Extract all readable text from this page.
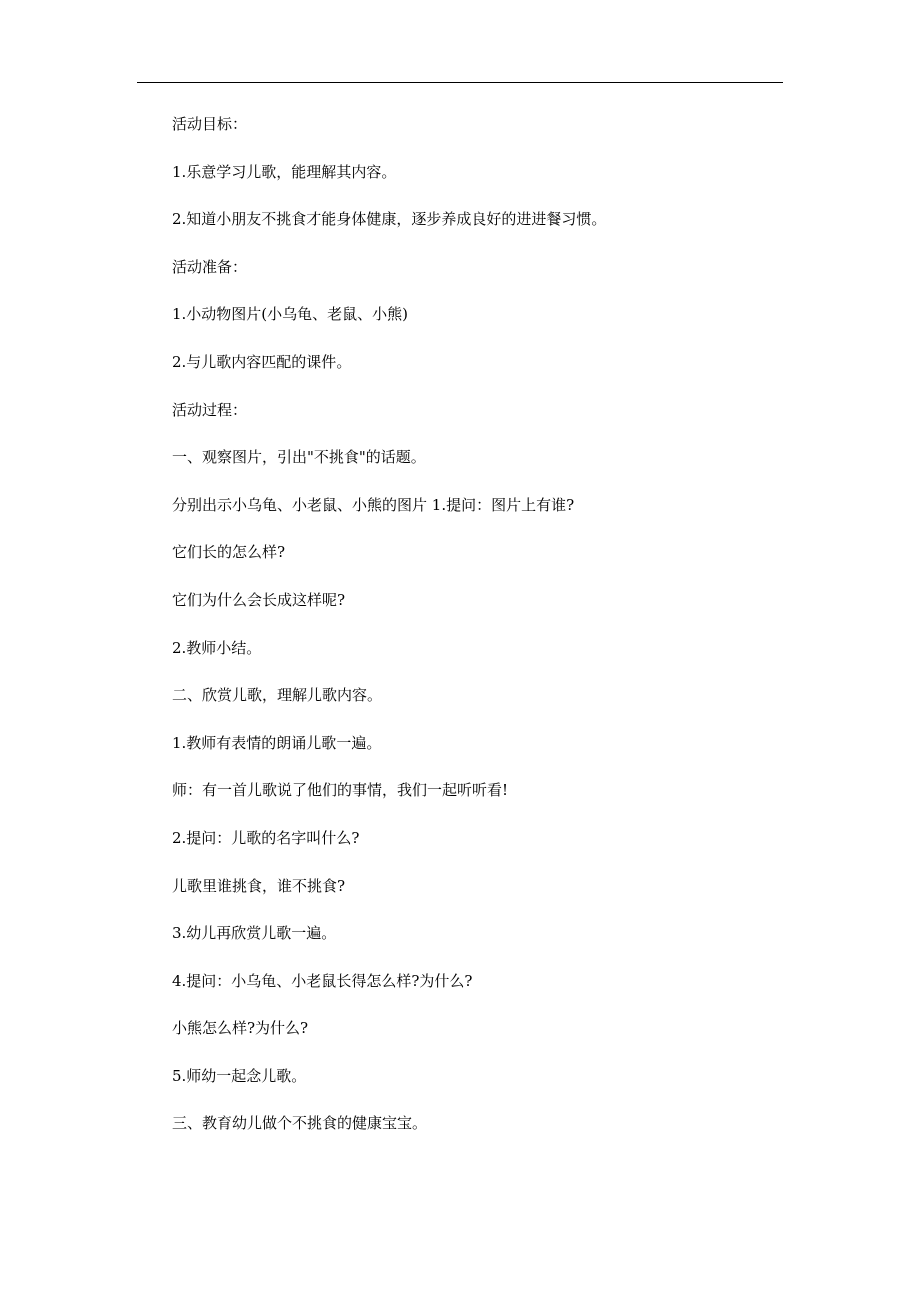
活动目标：
1.乐意学习儿歌，能理解其内容。
2.知道小朋友不挑食才能身体健康，逐步养成良好的进进餐习惯。
活动准备：
1.小动物图片(小乌龟、老鼠、小熊)
2.与儿歌内容匹配的课件。
活动过程：
一、观察图片，引出"不挑食"的话题。
分别出示小乌龟、小老鼠、小熊的图片 1.提问：图片上有谁?
它们长的怎么样?
它们为什么会长成这样呢?
2.教师小结。
二、欣赏儿歌，理解儿歌内容。
1.教师有表情的朗诵儿歌一遍。
师：有一首儿歌说了他们的事情，我们一起听听看!
2.提问：儿歌的名字叫什么?
儿歌里谁挑食，谁不挑食?
3.幼儿再欣赏儿歌一遍。
4.提问：小乌龟、小老鼠长得怎么样?为什么?
小熊怎么样?为什么?
5.师幼一起念儿歌。
三、教育幼儿做个不挑食的健康宝宝。
